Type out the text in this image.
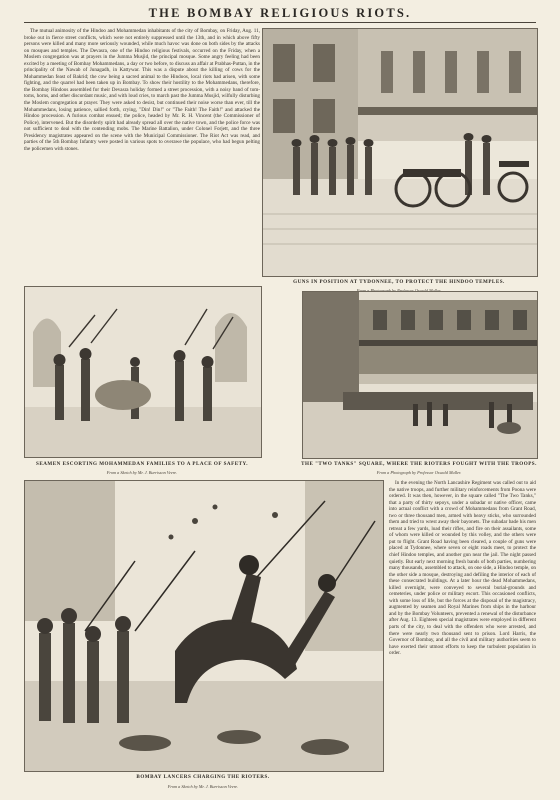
THE BOMBAY RELIGIOUS RIOTS.

The mutual animosity of the Hindoo and Mohammedan inhabitants of the city of Bombay, on Friday, Aug. 11, broke out in fierce street conflicts, which were not entirely suppressed until the 13th, and in which above fifty persons were killed and many more seriously wounded, while much havoc was done on both sides by the attacks on mosques and temples. The Devasra, one of the Hindoo religious festivals, occurred on the Friday, when a Moslem congregation was at prayers in the Jumma Musjid, the principal mosque. Some angry feeling had been excited by a meeting of Bombay Mohammedans, a day or two before, to discuss an affair at Prabhas-Puttan, in the principality of the Nawab of Junagadh, in Kattywar. This was a dispute about the killing of cows for the Mohammedan feast of Bakrid; the cow being a sacred animal to the Hindoos, local riots had arisen, with some fighting, and the quarrel had been taken up in Bombay. To show their hostility to the Mohammedans, therefore, the Bombay Hindoos assembled for their Devasra holiday formed a street procession, with a noisy band of tom-toms, horns, and other discordant music, and with loud cries, to march past the Jumma Musjid, wilfully disturbing the Moslem congregation at prayer. They were asked to desist, but continued their noise worse than ever, till the Mohammedans, losing patience, sallied forth, crying, "Din! Din!" or "The Faith! The Faith!" and attacked the Hindoo procession. A furious combat ensued; the police, headed by Mr. R. H. Vincent (the Commissioner of Police), intervened. But the disorderly spirit had already spread all over the native town, and the police force was not sufficient to deal with the contending mobs. The Marine Battalion, under Colonel Forjett, and the three Presidency magistrates appeared on the scene with the Municipal Commissioner. The Riot Act was read, and parties of the 5th Bombay Infantry were posted in various spots to overawe the populace, who had begun pelting the policemen with stones.

GUNS IN POSITION AT TYDONNEE, TO PROTECT THE HINDOO TEMPLES.
SEAMEN ESCORTING MOHAMMEDAN FAMILIES TO A PLACE OF SAFETY.
From a Sketch by Mr. J. Burrisson Veere.
THE "TWO TANKS" SQUARE, WHERE THE RIOTERS FOUGHT WITH THE TROOPS.
From a Photograph by Professor Oswald Muller.
BOMBAY LANCERS CHARGING THE RIOTERS.
From a Sketch by Mr. J. Burrisson Veere.

In the evening the North Lancashire Regiment was called out to aid the native troops, and further military reinforcements from Poona were ordered. It was then, however, in the square called "The Two Tanks," that a party of thirty sepoys, under a subadar or native officer, came into actual conflict with a crowd of Mohammedans from Grant Road, two or three thousand men, armed with heavy sticks, who surrounded them and tried to wrest away their bayonets. The subadar bade his men retreat a few yards, load their rifles, and fire on their assailants, some of whom were killed or wounded by this volley, and the others were put to flight. Grant Road having been cleared, a couple of guns were placed at Tydonnee, where seven or eight roads meet, to protect the chief Hindoo temples, and another gun near the jail. The night passed quietly. But early next morning fresh bands of both parties, numbering many thousands, assembled to attack, on one side, a Hindoo temple, on the other side a mosque, destroying and defiling the interior of each of these consecrated buildings. At a later hour the dead Mohammedans, killed overnight, were conveyed to several burial-grounds and cemeteries, under police or military escort. This occasioned conflicts, with some loss of life, but the forces at the disposal of the magistracy, augmented by seamen and Royal Marines from ships in the harbour and by the Bombay Volunteers, prevented a renewal of the disturbance after Aug. 13. Eighteen special magistrates were employed in different parts of the city, to deal with the offenders who were arrested, and there were nearly two thousand sent to prison. Lord Harris, the Governor of Bombay, and all the civil and military authorities seem to have exerted their utmost efforts to keep the turbulent population in order.
